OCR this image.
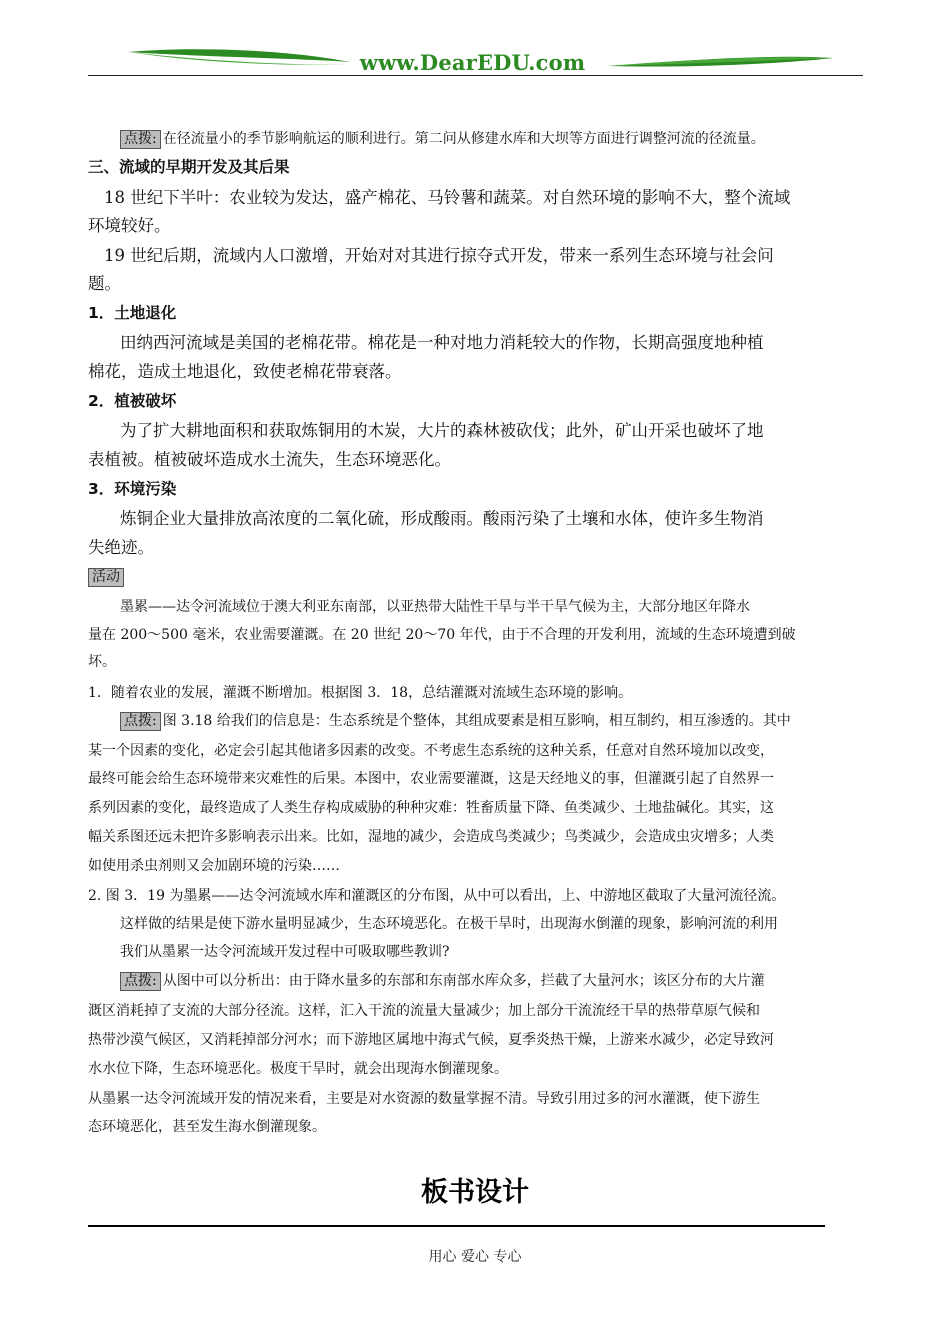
www.DearEDU.com
点拨: 在径流量小的季节影响航运的顺利进行。第二问从修建水库和大坝等方面进行调整河流的径流量。
三、流域的早期开发及其后果
18 世纪下半叶：农业较为发达，盛产棉花、马铃薯和蔬菜。对自然环境的影响不大，整个流域
环境较好。
19 世纪后期，流域内人口激增，开始对对其进行掠夺式开发，带来一系列生态环境与社会问
题。
1．土地退化
田纳西河流域是美国的老棉花带。棉花是一种对地力消耗较大的作物，长期高强度地种植
棉花，造成土地退化，致使老棉花带衰落。
2．植被破坏
为了扩大耕地面积和获取炼铜用的木炭，大片的森林被砍伐；此外，矿山开采也破坏了地
表植被。植被破坏造成水土流失，生态环境恶化。
3．环境污染
炼铜企业大量排放高浓度的二氧化硫，形成酸雨。酸雨污染了土壤和水体，使许多生物消
失绝迹。
活动
墨累——达令河流域位于澳大利亚东南部，以亚热带大陆性干旱与半干旱气候为主，大部分地区年降水
量在 200～500 毫米，农业需要灌溉。在 20 世纪 20～70 年代，由于不合理的开发利用，流域的生态环境遭到破
坏。
1．随着农业的发展，灌溉不断增加。根据图 3．18，总结灌溉对流域生态环境的影响。
点拨: 图 3.18 给我们的信息是：生态系统是个整体，其组成要素是相互影响，相互制约，相互渗透的。其中
某一个因素的变化，必定会引起其他诸多因素的改变。不考虑生态系统的这种关系，任意对自然环境加以改变，
最终可能会给生态环境带来灾难性的后果。本图中，农业需要灌溉，这是天经地义的事，但灌溉引起了自然界一
系列因素的变化，最终造成了人类生存构成威胁的种种灾难：牲畜质量下降、鱼类减少、土地盐碱化。其实，这
幅关系图还远未把许多影响表示出来。比如，湿地的减少，会造成鸟类减少；鸟类减少，会造成虫灾增多；人类
如使用杀虫剂则又会加剧环境的污染……
2. 图 3．19 为墨累——达令河流域水库和灌溉区的分布图，从中可以看出，上、中游地区截取了大量河流径流。
这样做的结果是使下游水量明显减少，生态环境恶化。在极干旱时，出现海水倒灌的现象，影响河流的利用
我们从墨累一达令河流域开发过程中可吸取哪些教训?
点拨: 从图中可以分析出：由于降水量多的东部和东南部水库众多，拦截了大量河水；该区分布的大片灌
溉区消耗掉了支流的大部分径流。这样，汇入干流的流量大量减少；加上部分干流流经干旱的热带草原气候和
热带沙漠气候区，又消耗掉部分河水；而下游地区属地中海式气候，夏季炎热干燥，上游来水减少，必定导致河
水水位下降，生态环境恶化。极度干旱时，就会出现海水倒灌现象。
从墨累一达令河流域开发的情况来看，主要是对水资源的数量掌握不清。导致引用过多的河水灌溉，使下游生
态环境恶化，甚至发生海水倒灌现象。
板书设计
用心 爱心 专心
